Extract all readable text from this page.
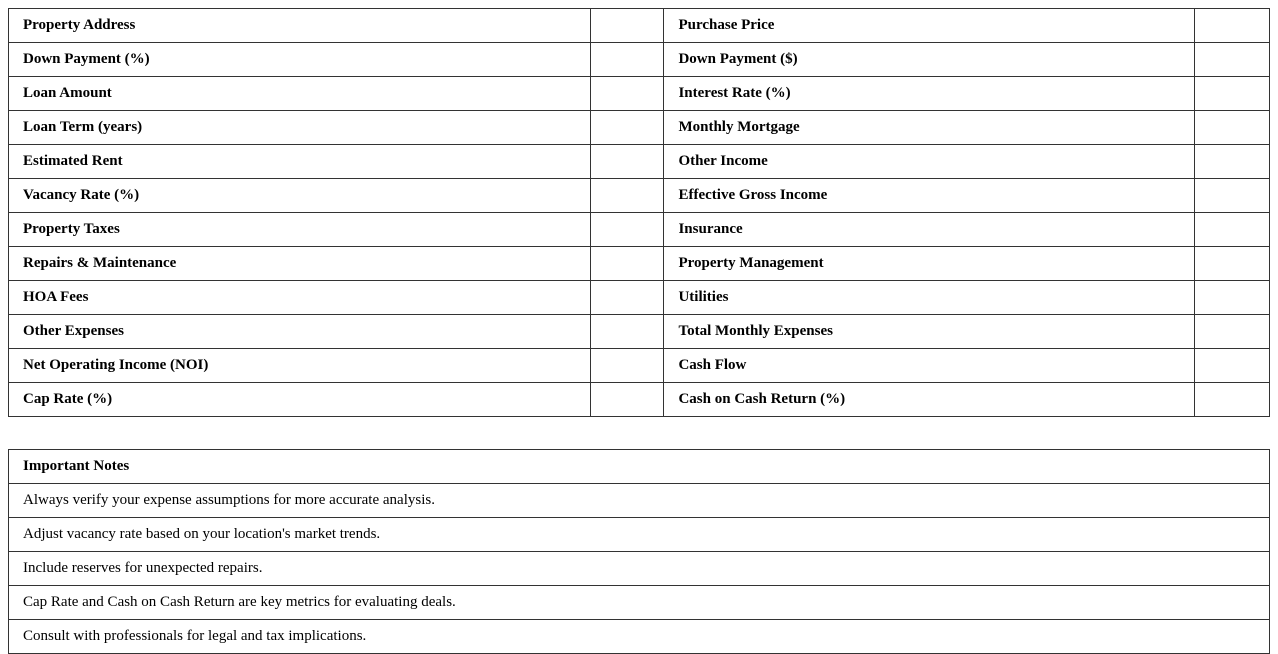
Property Address		Purchase Price	
Down Payment (%)		Down Payment ($)	
Loan Amount		Interest Rate (%)	
Loan Term (years)		Monthly Mortgage	
Estimated Rent		Other Income	
Vacancy Rate (%)		Effective Gross Income	
Property Taxes		Insurance	
Repairs & Maintenance		Property Management	
HOA Fees		Utilities	
Other Expenses		Total Monthly Expenses	
Net Operating Income (NOI)		Cash Flow	
Cap Rate (%)		Cash on Cash Return (%)	
Important Notes
Always verify your expense assumptions for more accurate analysis.
Adjust vacancy rate based on your location's market trends.
Include reserves for unexpected repairs.
Cap Rate and Cash on Cash Return are key metrics for evaluating deals.
Consult with professionals for legal and tax implications.
